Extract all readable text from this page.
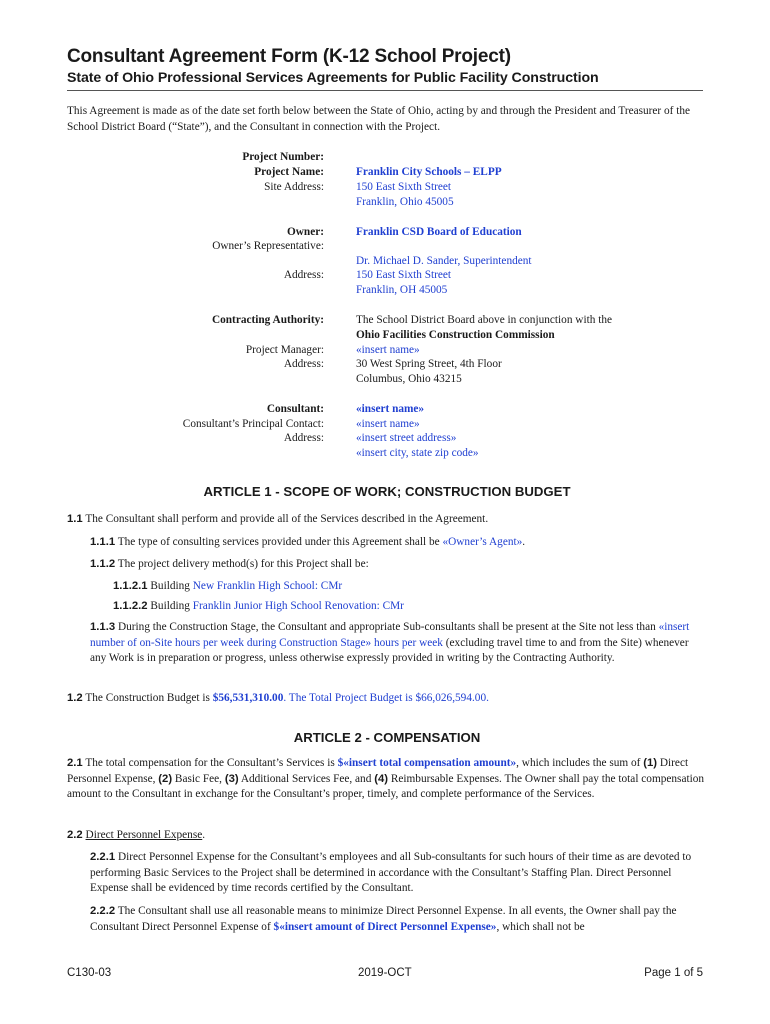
Consultant Agreement Form (K-12 School Project)
State of Ohio Professional Services Agreements for Public Facility Construction
This Agreement is made as of the date set forth below between the State of Ohio, acting by and through the President and Treasurer of the School District Board (“State”), and the Consultant in connection with the Project.
Project Number:
Project Name:	Franklin City Schools – ELPP
Site Address:	150 East Sixth Street
Franklin, Ohio 45005
Owner:	Franklin CSD Board of Education
Owner’s Representative:
Dr. Michael D. Sander, Superintendent
Address:	150 East Sixth Street
Franklin, OH 45005
Contracting Authority:	The School District Board above in conjunction with the
Ohio Facilities Construction Commission
Project Manager:	«insert name»
Address:	30 West Spring Street, 4th Floor
Columbus, Ohio 43215
Consultant:	«insert name»
Consultant’s Principal Contact:	«insert name»
Address:	«insert street address»
«insert city, state zip code»
ARTICLE 1 - SCOPE OF WORK; CONSTRUCTION BUDGET
1.1 The Consultant shall perform and provide all of the Services described in the Agreement.
1.1.1 The type of consulting services provided under this Agreement shall be «Owner’s Agent».
1.1.2 The project delivery method(s) for this Project shall be:
1.1.2.1 Building New Franklin High School: CMr
1.1.2.2 Building Franklin Junior High School Renovation: CMr
1.1.3 During the Construction Stage, the Consultant and appropriate Sub-consultants shall be present at the Site not less than «insert number of on-Site hours per week during Construction Stage» hours per week (excluding travel time to and from the Site) whenever any Work is in preparation or progress, unless otherwise expressly provided in writing by the Contracting Authority.
1.2 The Construction Budget is $56,531,310.00. The Total Project Budget is $66,026,594.00.
ARTICLE 2 - COMPENSATION
2.1 The total compensation for the Consultant’s Services is $«insert total compensation amount», which includes the sum of (1) Direct Personnel Expense, (2) Basic Fee, (3) Additional Services Fee, and (4) Reimbursable Expenses. The Owner shall pay the total compensation amount to the Consultant in exchange for the Consultant’s proper, timely, and complete performance of the Services.
2.2 Direct Personnel Expense.
2.2.1 Direct Personnel Expense for the Consultant’s employees and all Sub-consultants for such hours of their time as are devoted to performing Basic Services to the Project shall be determined in accordance with the Consultant’s Staffing Plan. Direct Personnel Expense shall be evidenced by time records certified by the Consultant.
2.2.2 The Consultant shall use all reasonable means to minimize Direct Personnel Expense. In all events, the Owner shall pay the Consultant Direct Personnel Expense of $«insert amount of Direct Personnel Expense», which shall not be
C130-03	2019-OCT	Page 1 of 5
